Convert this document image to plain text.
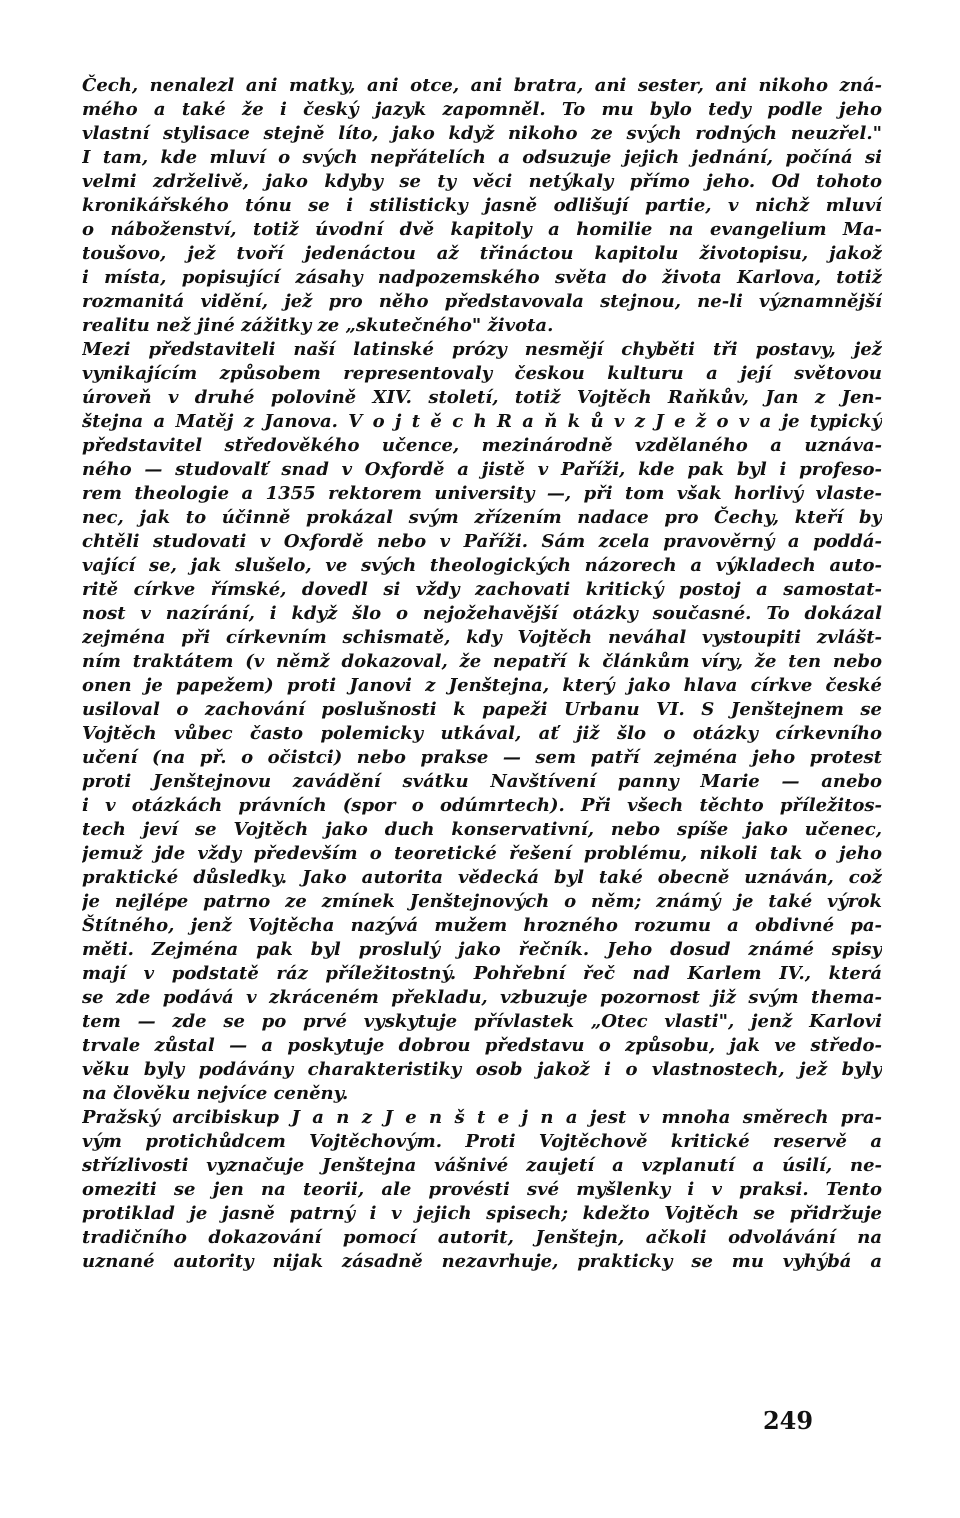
Čech, nenalezl ani matky, ani otce, ani bratra, ani sester, ani nikoho zná-
mého a také že i český jazyk zapomněl. To mu bylo tedy podle jeho
vlastní stylisace stejně líto, jako když nikoho ze svých rodných neuzřel."
I tam, kde mluví o svých nepřátelích a odsuzuje jejich jednání, počíná si
velmi zdrželivě, jako kdyby se ty věci netýkaly přímo jeho. Od tohoto
kronikářského tónu se i stilisticky jasně odlišují partie, v nichž mluví
o náboženství, totiž úvodní dvě kapitoly a homilie na evangelium Ma-
toušovo, jež tvoří jedenáctou až třináctou kapitolu životopisu, jakož
i místa, popisující zásahy nadpozemského světa do života Karlova, totiž
rozmanitá vidění, jež pro něho představovala stejnou, ne-li významnější
realitu než jiné zážitky ze „skutečného" života.
Mezi představiteli naší latinské prózy nesmějí chyběti tři postavy, jež
vynikajícím způsobem representovaly českou kulturu a její světovou
úroveň v druhé polovině XIV. století, totiž Vojtěch Raňkův, Jan z Jen-
štejna a Matěj z Janova. V o j t ě c h R a ň k ů v z J e ž o v a je typický
představitel středověkého učence, mezinárodně vzdělaného a uznáva-
ného — studovalť snad v Oxfordě a jistě v Paříži, kde pak byl i profeso-
rem theologie a 1355 rektorem university —, při tom však horlivý vlaste-
nec, jak to účinně prokázal svým zřízením nadace pro Čechy, kteří by
chtěli studovati v Oxfordě nebo v Paříži. Sám zcela pravověrný a poddá-
vající se, jak slušelo, ve svých theologických názorech a výkladech auto-
ritě církve římské, dovedl si vždy zachovati kritický postoj a samostat-
nost v nazírání, i když šlo o nejožehavější otázky současné. To dokázal
zejména při církevním schismatě, kdy Vojtěch neváhal vystoupiti zvlášt-
ním traktátem (v němž dokazoval, že nepatří k článkům víry, že ten nebo
onen je papežem) proti Janovi z Jenštejna, který jako hlava církve české
usiloval o zachování poslušnosti k papeži Urbanu VI. S Jenštejnem se
Vojtěch vůbec často polemicky utkával, ať již šlo o otázky církevního
učení (na př. o očistci) nebo prakse — sem patří zejména jeho protest
proti Jenštejnovu zavádění svátku Navštívení panny Marie — anebo
i v otázkách právních (spor o odúmrtech). Při všech těchto příležitos-
tech jeví se Vojtěch jako duch konservativní, nebo spíše jako učenec,
jemuž jde vždy především o teoretické řešení problému, nikoli tak o jeho
praktické důsledky. Jako autorita vědecká byl také obecně uznáván, což
je nejlépe patrno ze zmínek Jenštejnových o něm; známý je také výrok
Štítného, jenž Vojtěcha nazývá mužem hrozného rozumu a obdivné pa-
měti. Zejména pak byl proslulý jako řečník. Jeho dosud známé spisy
mají v podstatě ráz příležitostný. Pohřební řeč nad Karlem IV., která
se zde podává v zkráceném překladu, vzbuzuje pozornost již svým thema-
tem — zde se po prvé vyskytuje přívlastek „Otec vlasti", jenž Karlovi
trvale zůstal — a poskytuje dobrou představu o způsobu, jak ve středo-
věku byly podávány charakteristiky osob jakož i o vlastnostech, jež byly
na člověku nejvíce ceněny.
Pražský arcibiskup J a n z J e n š t e j n a jest v mnoha směrech pra-
vým protichůdcem Vojtěchovým. Proti Vojtěchově kritické reservě a
střízlivosti vyznačuje Jenštejna vášnivé zaujetí a vzplanutí a úsilí, ne-
omeziti se jen na teorii, ale provésti své myšlenky i v praksi. Tento
protiklad je jasně patrný i v jejich spisech; kdežto Vojtěch se přidržuje
tradičního dokazování pomocí autorit, Jenštejn, ačkoli odvolávání na
uznané autority nijak zásadně nezavrhuje, prakticky se mu vyhýbá a
249
